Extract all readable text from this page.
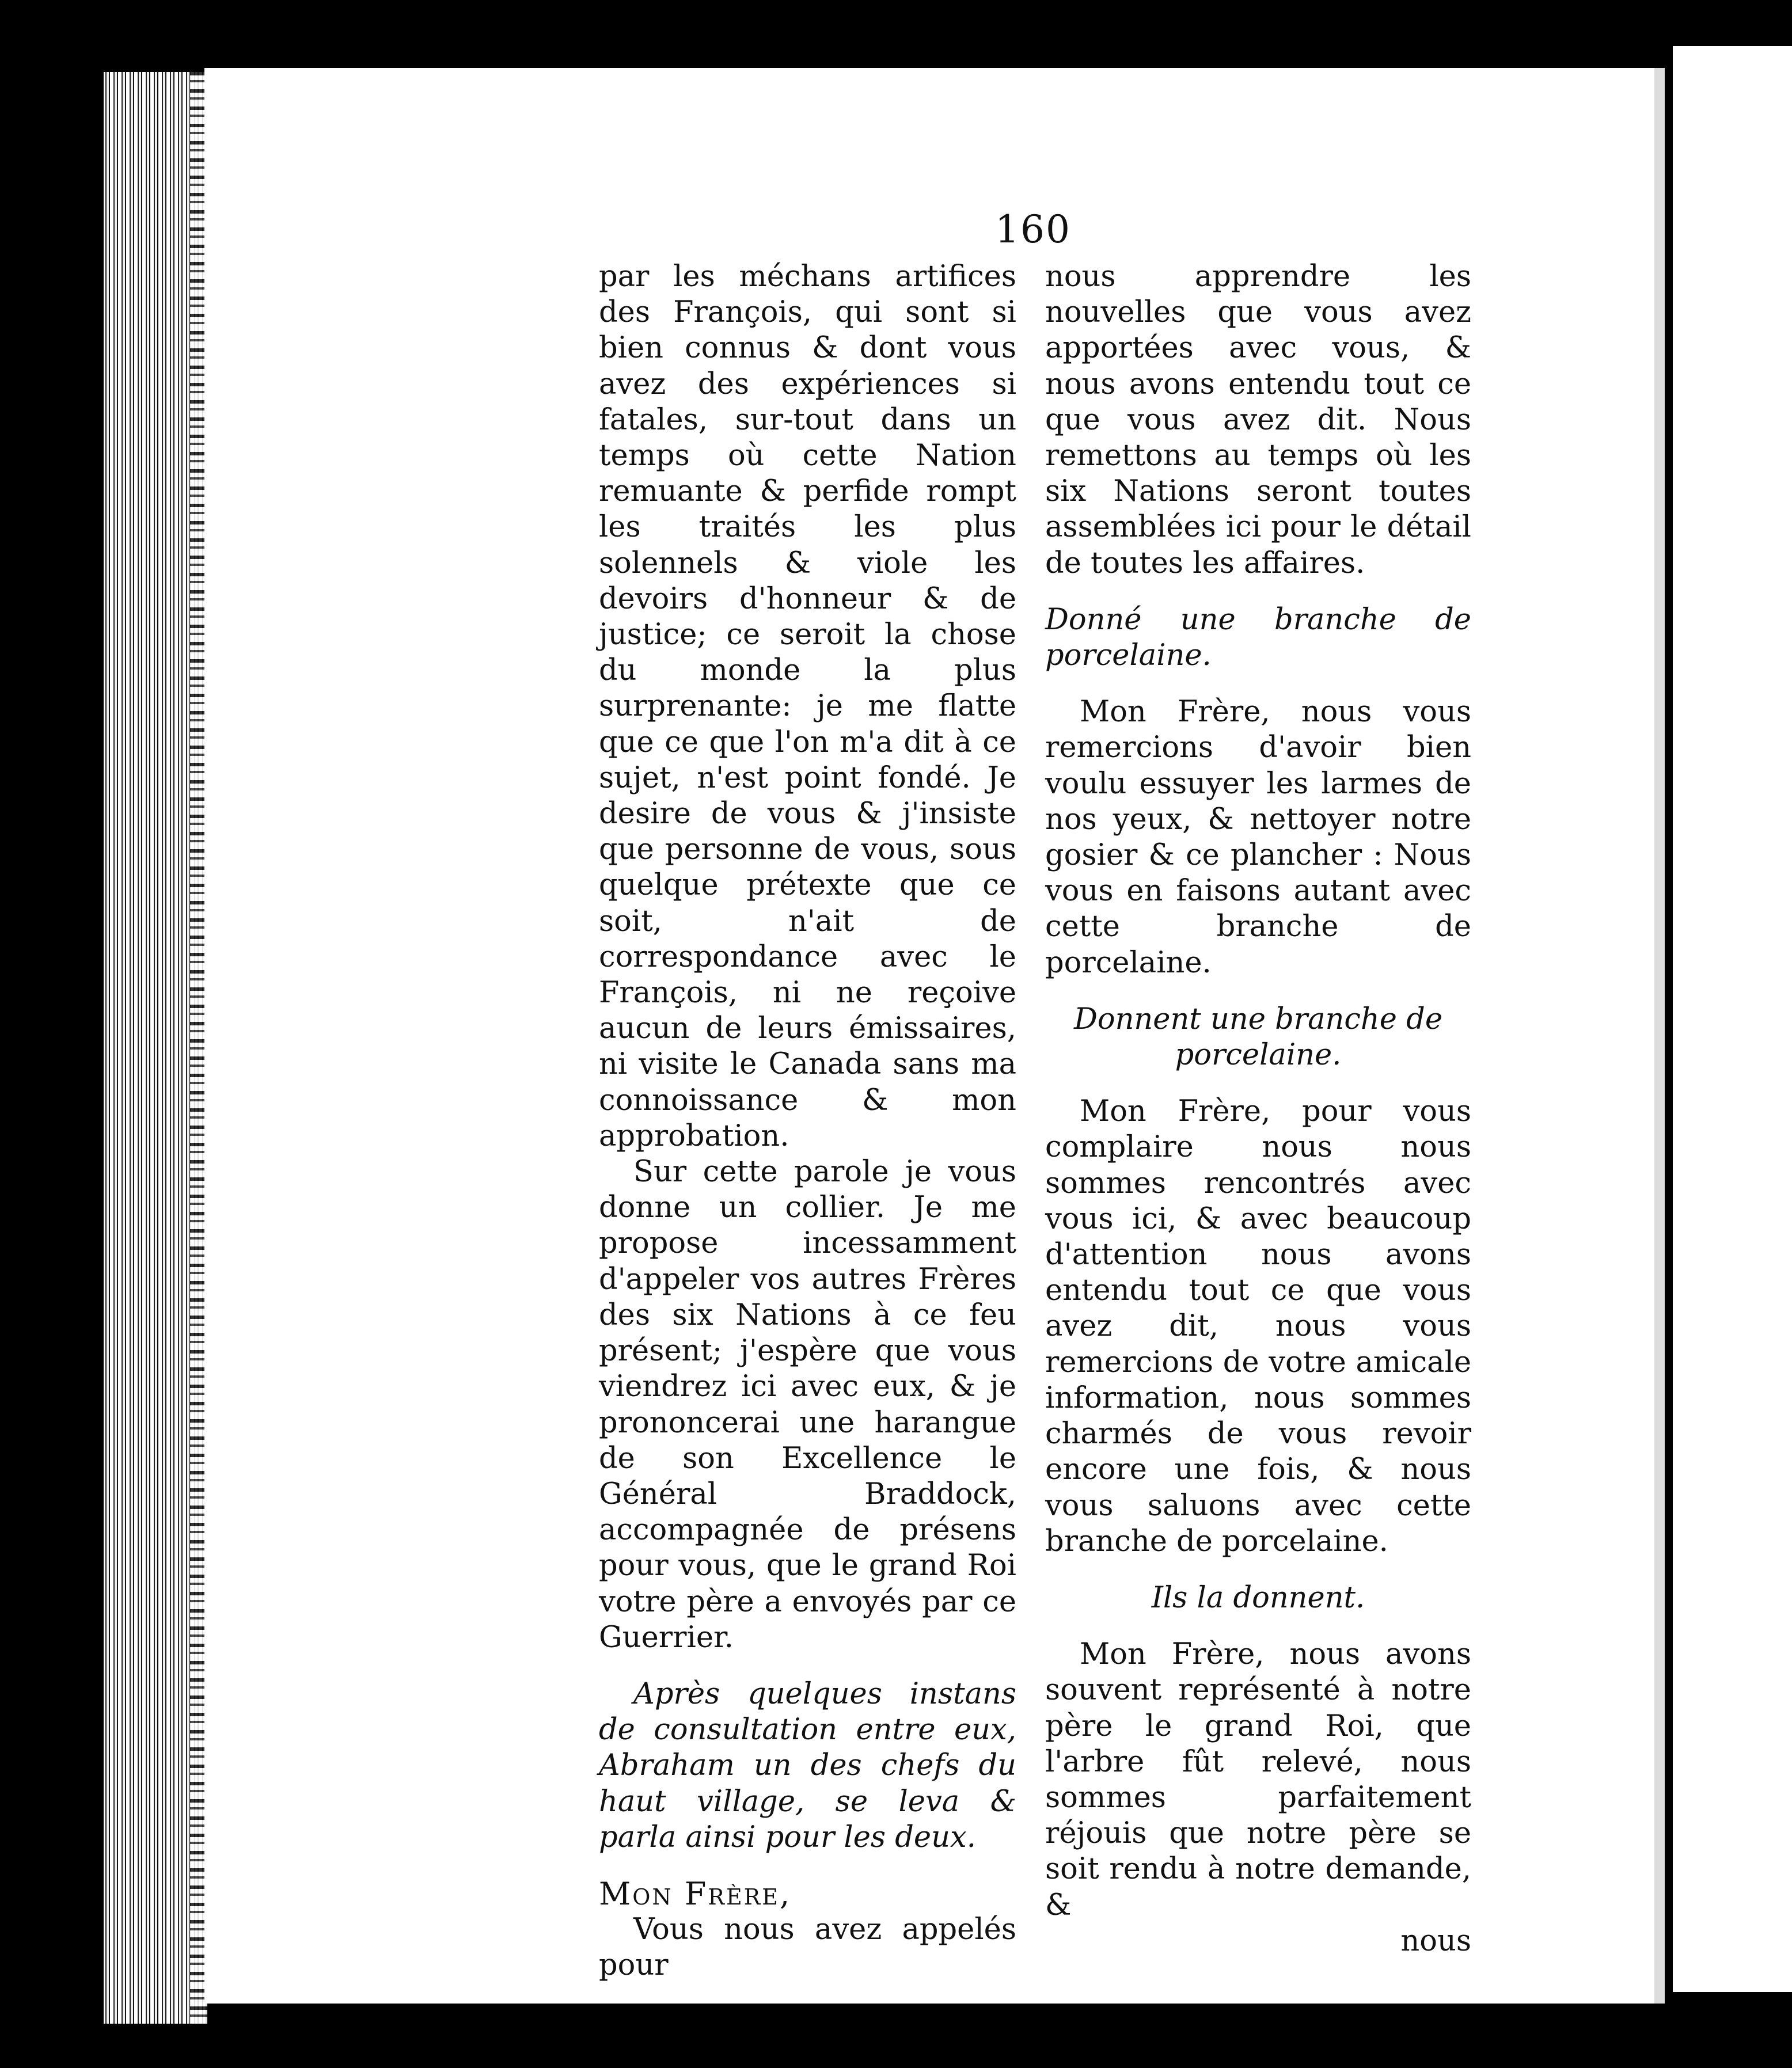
160

par les méchans artifices des François, qui sont si bien connus & dont vous avez des expériences si fatales, sur-tout dans un temps où cette Nation remuante & perfide rompt les traités les plus solennels & viole les devoirs d'honneur & de justice; ce seroit la chose du monde la plus surprenante: je me flatte que ce que l'on m'a dit à ce sujet, n'est point fondé. Je desire de vous & j'insiste que personne de vous, sous quelque prétexte que ce soit, n'ait de correspondance avec le François, ni ne reçoive aucun de leurs émissaires, ni visite le Canada sans ma connoissance & mon approbation.

Sur cette parole je vous donne un collier. Je me propose incessamment d'appeler vos autres Frères des six Nations à ce feu présent; j'espère que vous viendrez ici avec eux, & je prononcerai une harangue de son Excellence le Général Braddock, accompagnée de présens pour vous, que le grand Roi votre père a envoyés par ce Guerrier.

Après quelques instans de consultation entre eux, Abraham un des chefs du haut village, se leva & parla ainsi pour les deux.

Mon Frère,

Vous nous avez appelés pour

nous apprendre les nouvelles que vous avez apportées avec vous, & nous avons entendu tout ce que vous avez dit. Nous remettons au temps où les six Nations seront toutes assemblées ici pour le détail de toutes les affaires.

Donné une branche de porcelaine.

Mon Frère, nous vous remercions d'avoir bien voulu essuyer les larmes de nos yeux, & nettoyer notre gosier & ce plancher : Nous vous en faisons autant avec cette branche de porcelaine.

Donnent une branche de porcelaine.

Mon Frère, pour vous complaire nous nous sommes rencontrés avec vous ici, & avec beaucoup d'attention nous avons entendu tout ce que vous avez dit, nous vous remercions de votre amicale information, nous sommes charmés de vous revoir encore une fois, & nous vous saluons avec cette branche de porcelaine.

Ils la donnent.

Mon Frère, nous avons souvent représenté à notre père le grand Roi, que l'arbre fût relevé, nous sommes parfaitement réjouis que notre père se soit rendu à notre demande, &

nous
